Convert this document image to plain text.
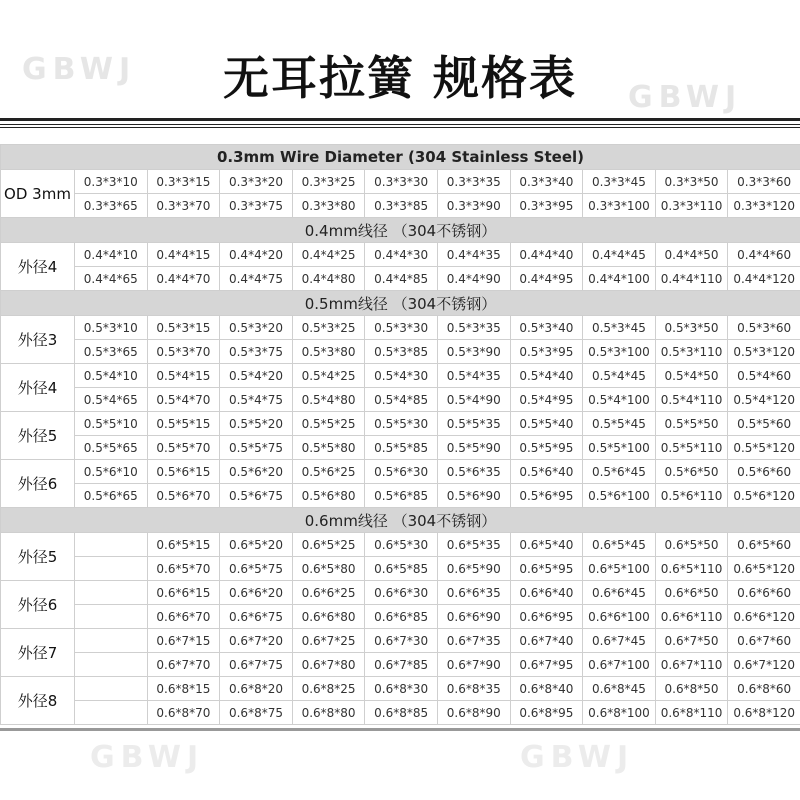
GBWJ	无耳拉簧 规格表	GBWJ
0.3mm Wire Diameter (304 Stainless Steel)										
OD 3mm	0.3*3*10	0.3*3*15	0.3*3*20	0.3*3*25	0.3*3*30	0.3*3*35	0.3*3*40	0.3*3*45	0.3*3*50	0.3*3*60
	0.3*3*65	0.3*3*70	0.3*3*75	0.3*3*80	0.3*3*85	0.3*3*90	0.3*3*95	0.3*3*100	0.3*3*110	0.3*3*120
0.4mm线径 （304不锈钢）										
外径4	0.4*4*10	0.4*4*15	0.4*4*20	0.4*4*25	0.4*4*30	0.4*4*35	0.4*4*40	0.4*4*45	0.4*4*50	0.4*4*60
	0.4*4*65	0.4*4*70	0.4*4*75	0.4*4*80	0.4*4*85	0.4*4*90	0.4*4*95	0.4*4*100	0.4*4*110	0.4*4*120
0.5mm线径 （304不锈钢）										
外径3	0.5*3*10	0.5*3*15	0.5*3*20	0.5*3*25	0.5*3*30	0.5*3*35	0.5*3*40	0.5*3*45	0.5*3*50	0.5*3*60
	0.5*3*65	0.5*3*70	0.5*3*75	0.5*3*80	0.5*3*85	0.5*3*90	0.5*3*95	0.5*3*100	0.5*3*110	0.5*3*120
外径4	0.5*4*10	0.5*4*15	0.5*4*20	0.5*4*25	0.5*4*30	0.5*4*35	0.5*4*40	0.5*4*45	0.5*4*50	0.5*4*60
	0.5*4*65	0.5*4*70	0.5*4*75	0.5*4*80	0.5*4*85	0.5*4*90	0.5*4*95	0.5*4*100	0.5*4*110	0.5*4*120
外径5	0.5*5*10	0.5*5*15	0.5*5*20	0.5*5*25	0.5*5*30	0.5*5*35	0.5*5*40	0.5*5*45	0.5*5*50	0.5*5*60
	0.5*5*65	0.5*5*70	0.5*5*75	0.5*5*80	0.5*5*85	0.5*5*90	0.5*5*95	0.5*5*100	0.5*5*110	0.5*5*120
外径6	0.5*6*10	0.5*6*15	0.5*6*20	0.5*6*25	0.5*6*30	0.5*6*35	0.5*6*40	0.5*6*45	0.5*6*50	0.5*6*60
	0.5*6*65	0.5*6*70	0.5*6*75	0.5*6*80	0.5*6*85	0.5*6*90	0.5*6*95	0.5*6*100	0.5*6*110	0.5*6*120
0.6mm线径 （304不锈钢）										
外径5		0.6*5*15	0.6*5*20	0.6*5*25	0.6*5*30	0.6*5*35	0.6*5*40	0.6*5*45	0.6*5*50	0.6*5*60
		0.6*5*70	0.6*5*75	0.6*5*80	0.6*5*85	0.6*5*90	0.6*5*95	0.6*5*100	0.6*5*110	0.6*5*120
外径6		0.6*6*15	0.6*6*20	0.6*6*25	0.6*6*30	0.6*6*35	0.6*6*40	0.6*6*45	0.6*6*50	0.6*6*60
		0.6*6*70	0.6*6*75	0.6*6*80	0.6*6*85	0.6*6*90	0.6*6*95	0.6*6*100	0.6*6*110	0.6*6*120
外径7		0.6*7*15	0.6*7*20	0.6*7*25	0.6*7*30	0.6*7*35	0.6*7*40	0.6*7*45	0.6*7*50	0.6*7*60
		0.6*7*70	0.6*7*75	0.6*7*80	0.6*7*85	0.6*7*90	0.6*7*95	0.6*7*100	0.6*7*110	0.6*7*120
外径8		0.6*8*15	0.6*8*20	0.6*8*25	0.6*8*30	0.6*8*35	0.6*8*40	0.6*8*45	0.6*8*50	0.6*8*60
		0.6*8*70	0.6*8*75	0.6*8*80	0.6*8*85	0.6*8*90	0.6*8*95	0.6*8*100	0.6*8*110	0.6*8*120
GBWJ	GBWJ
